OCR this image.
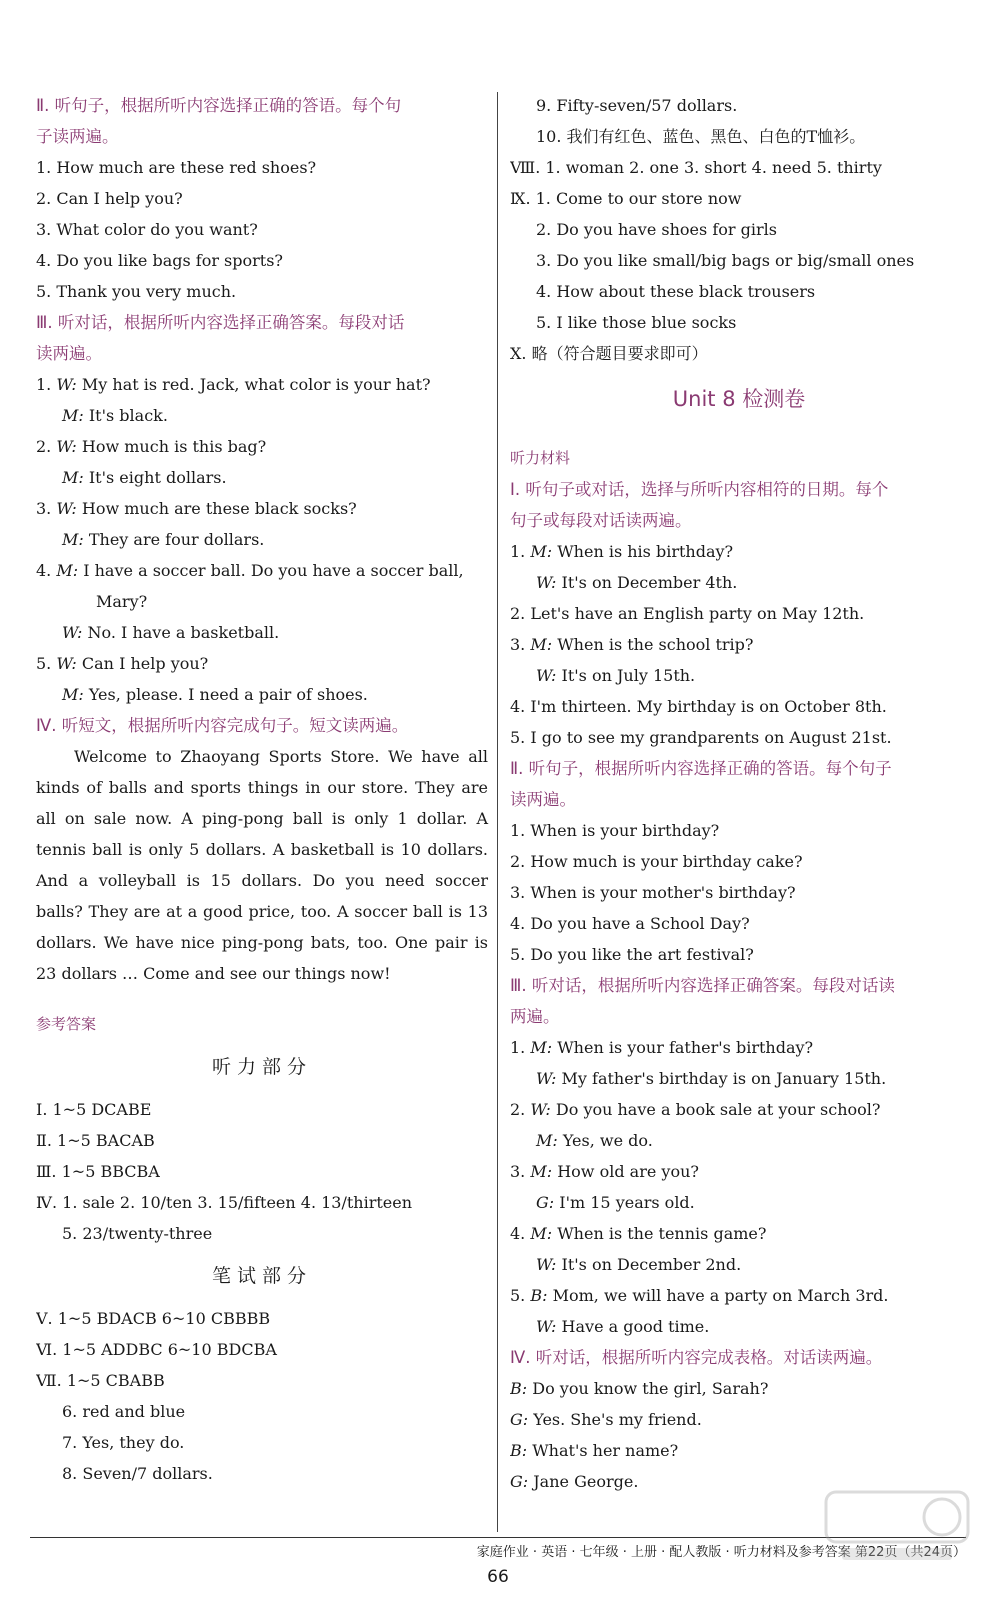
Ⅱ. 听句子，根据所听内容选择正确的答语。每个句
子读两遍。
1. How much are these red shoes?
2. Can I help you?
3. What color do you want?
4. Do you like bags for sports?
5. Thank you very much.
Ⅲ. 听对话，根据所听内容选择正确答案。每段对话
读两遍。
1. W: My hat is red. Jack, what color is your hat?
M: It's black.
2. W: How much is this bag?
M: It's eight dollars.
3. W: How much are these black socks?
M: They are four dollars.
4. M: I have a soccer ball. Do you have a soccer ball,
Mary?
W: No. I have a basketball.
5. W: Can I help you?
M: Yes, please. I need a pair of shoes.
Ⅳ. 听短文，根据所听内容完成句子。短文读两遍。
Welcome to Zhaoyang Sports Store. We have all kinds of balls and sports things in our store. They are all on sale now. A ping-pong ball is only 1 dollar. A tennis ball is only 5 dollars. A basketball is 10 dollars. And a volleyball is 15 dollars. Do you need soccer balls? They are at a good price, too. A soccer ball is 13 dollars. We have nice ping-pong bats, too. One pair is 23 dollars … Come and see our things now!
参考答案
听力部分
Ⅰ. 1~5 DCABE
Ⅱ. 1~5 BACAB
Ⅲ. 1~5 BBCBA
Ⅳ. 1. sale 2. 10/ten 3. 15/fifteen 4. 13/thirteen
5. 23/twenty-three
笔试部分
Ⅴ. 1~5 BDACB 6~10 CBBBB
Ⅵ. 1~5 ADDBC 6~10 BDCBA
Ⅶ. 1~5 CBABB
6. red and blue
7. Yes, they do.
8. Seven/7 dollars.
9. Fifty-seven/57 dollars.
10. 我们有红色、蓝色、黑色、白色的T恤衫。
Ⅷ. 1. woman 2. one 3. short 4. need 5. thirty
Ⅸ. 1. Come to our store now
2. Do you have shoes for girls
3. Do you like small/big bags or big/small ones
4. How about these black trousers
5. I like those blue socks
Ⅹ. 略（符合题目要求即可）
Unit 8 检测卷
听力材料
Ⅰ. 听句子或对话，选择与所听内容相符的日期。每个
句子或每段对话读两遍。
1. M: When is his birthday?
W: It's on December 4th.
2. Let's have an English party on May 12th.
3. M: When is the school trip?
W: It's on July 15th.
4. I'm thirteen. My birthday is on October 8th.
5. I go to see my grandparents on August 21st.
Ⅱ. 听句子，根据所听内容选择正确的答语。每个句子
读两遍。
1. When is your birthday?
2. How much is your birthday cake?
3. When is your mother's birthday?
4. Do you have a School Day?
5. Do you like the art festival?
Ⅲ. 听对话，根据所听内容选择正确答案。每段对话读
两遍。
1. M: When is your father's birthday?
W: My father's birthday is on January 15th.
2. W: Do you have a book sale at your school?
M: Yes, we do.
3. M: How old are you?
G: I'm 15 years old.
4. M: When is the tennis game?
W: It's on December 2nd.
5. B: Mom, we will have a party on March 3rd.
W: Have a good time.
Ⅳ. 听对话，根据所听内容完成表格。对话读两遍。
B: Do you know the girl, Sarah?
G: Yes. She's my friend.
B: What's her name?
G: Jane George.
家庭作业 · 英语 · 七年级 · 上册 · 配人教版 · 听力材料及参考答案 第22页（共24页）
66
